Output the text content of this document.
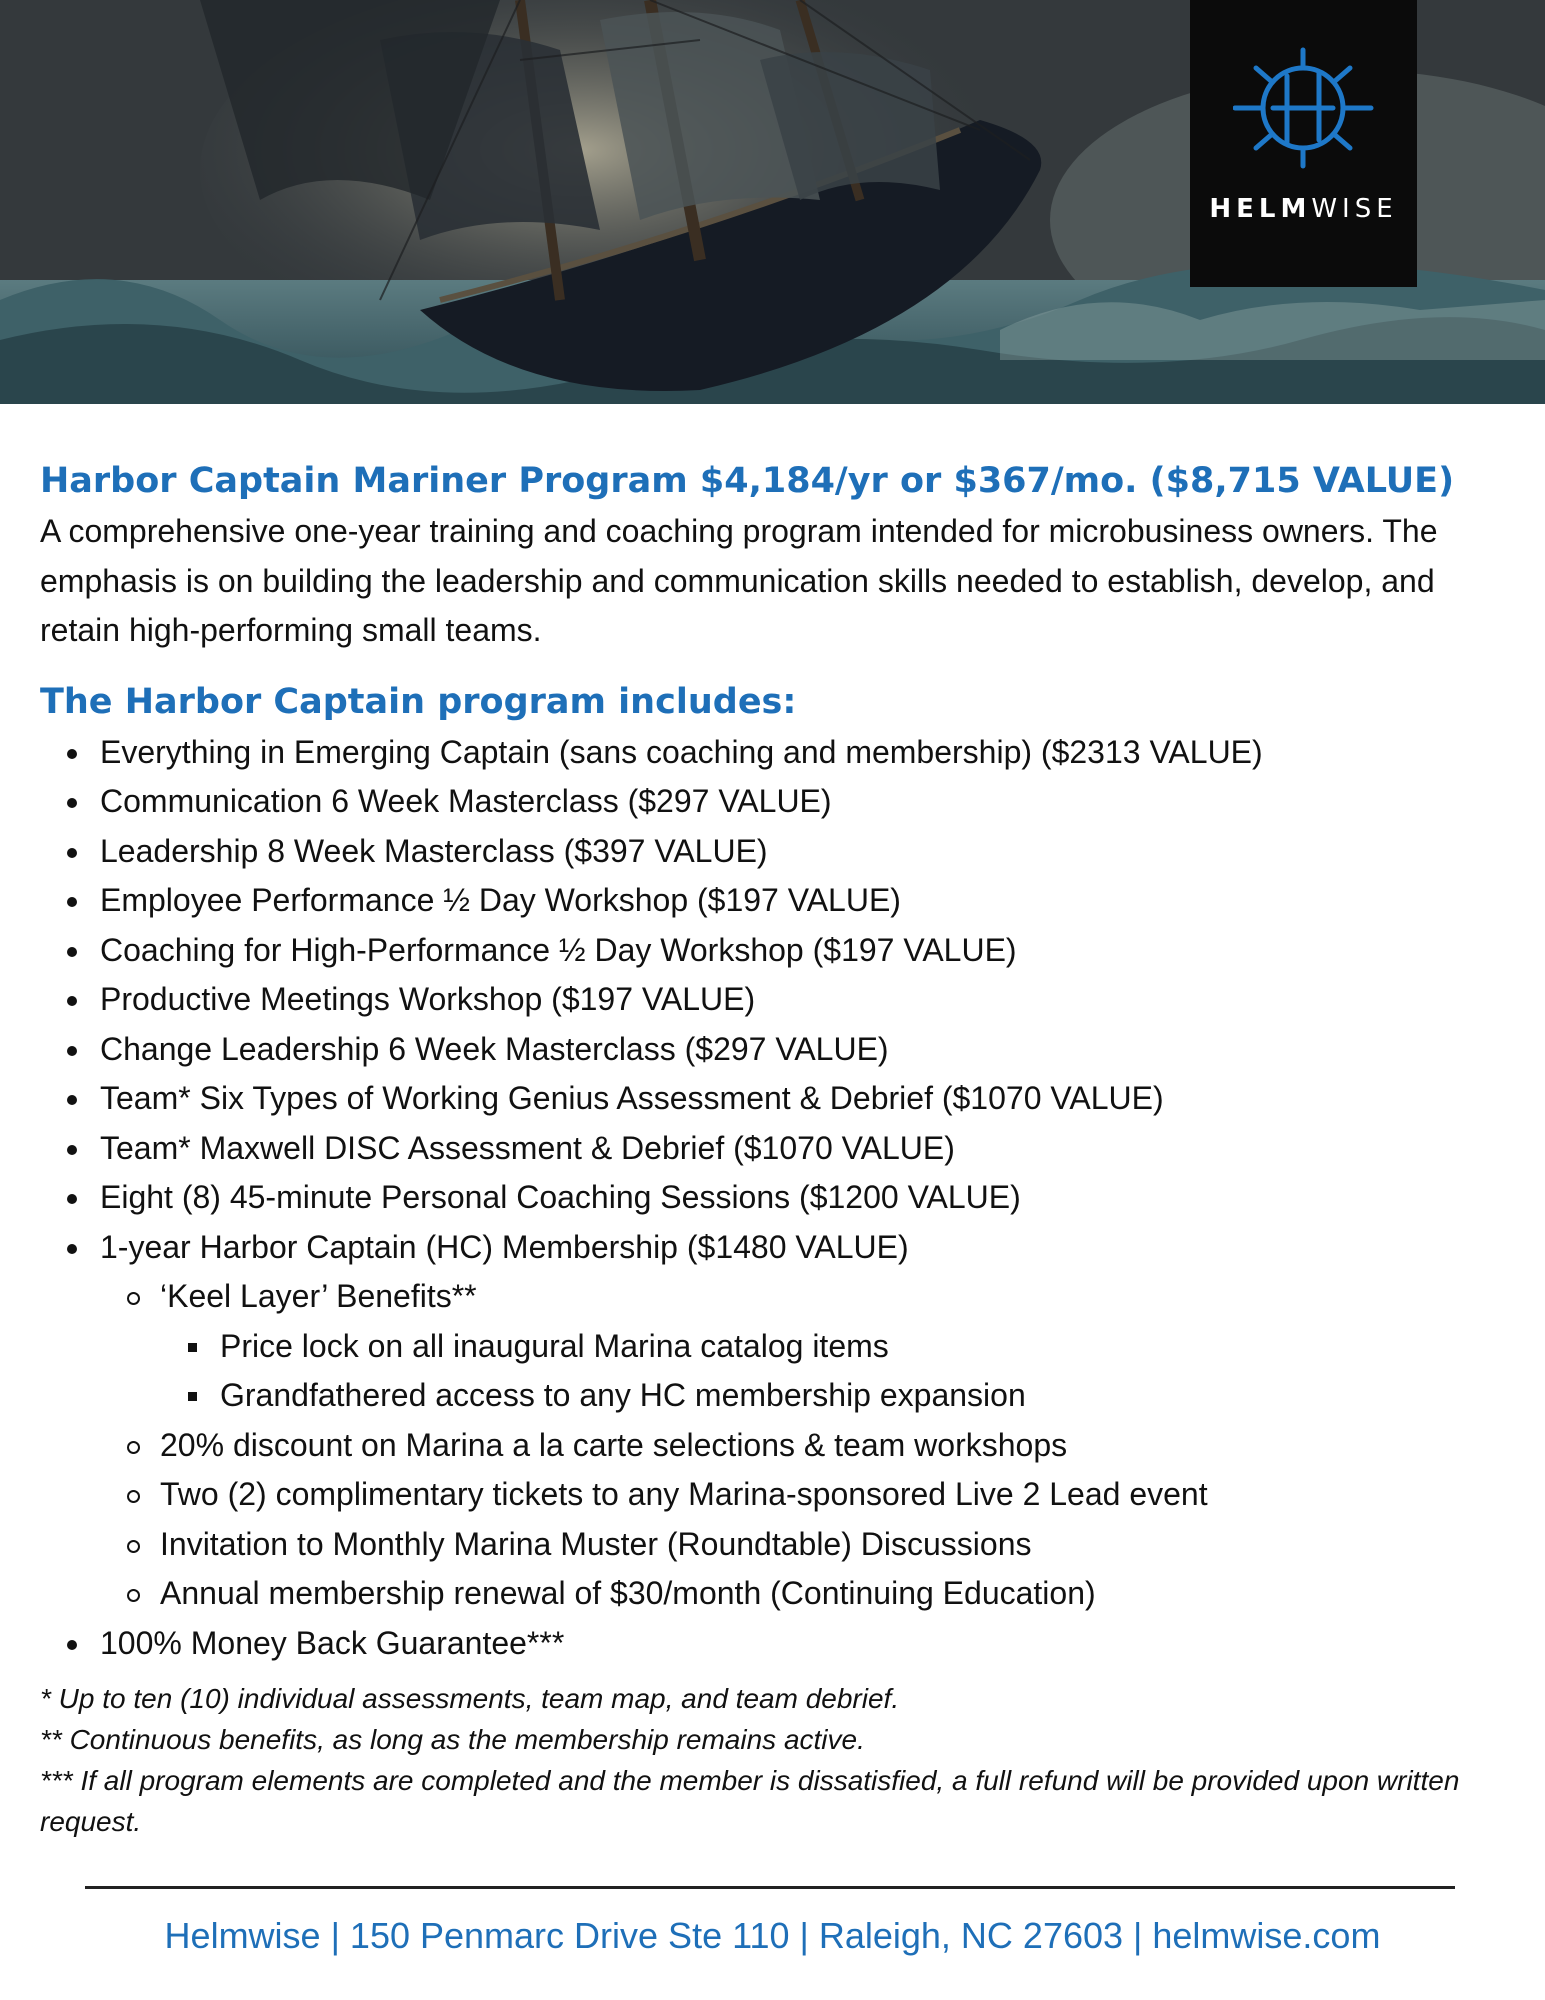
HELMWISE

Harbor Captain Mariner Program $4,184/yr or $367/mo. ($8,715 VALUE)

A comprehensive one-year training and coaching program intended for microbusiness owners. The emphasis is on building the leadership and communication skills needed to establish, develop, and retain high-performing small teams.

The Harbor Captain program includes:

Everything in Emerging Captain (sans coaching and membership) ($2313 VALUE)
Communication 6 Week Masterclass ($297 VALUE)
Leadership 8 Week Masterclass ($397 VALUE)
Employee Performance ½ Day Workshop ($197 VALUE)
Coaching for High-Performance ½ Day Workshop ($197 VALUE)
Productive Meetings Workshop ($197 VALUE)
Change Leadership 6 Week Masterclass ($297 VALUE)
Team* Six Types of Working Genius Assessment & Debrief ($1070 VALUE)
Team* Maxwell DISC Assessment & Debrief ($1070 VALUE)
Eight (8) 45-minute Personal Coaching Sessions ($1200 VALUE)
1-year Harbor Captain (HC) Membership ($1480 VALUE)
‘Keel Layer’ Benefits**
Price lock on all inaugural Marina catalog items
Grandfathered access to any HC membership expansion
20% discount on Marina a la carte selections & team workshops
Two (2) complimentary tickets to any Marina-sponsored Live 2 Lead event
Invitation to Monthly Marina Muster (Roundtable) Discussions
Annual membership renewal of $30/month (Continuing Education)
100% Money Back Guarantee***

* Up to ten (10) individual assessments, team map, and team debrief.

** Continuous benefits, as long as the membership remains active.

*** If all program elements are completed and the member is dissatisfied, a full refund will be provided upon written request.

Helmwise | 150 Penmarc Drive Ste 110 | Raleigh, NC 27603 | helmwise.com
